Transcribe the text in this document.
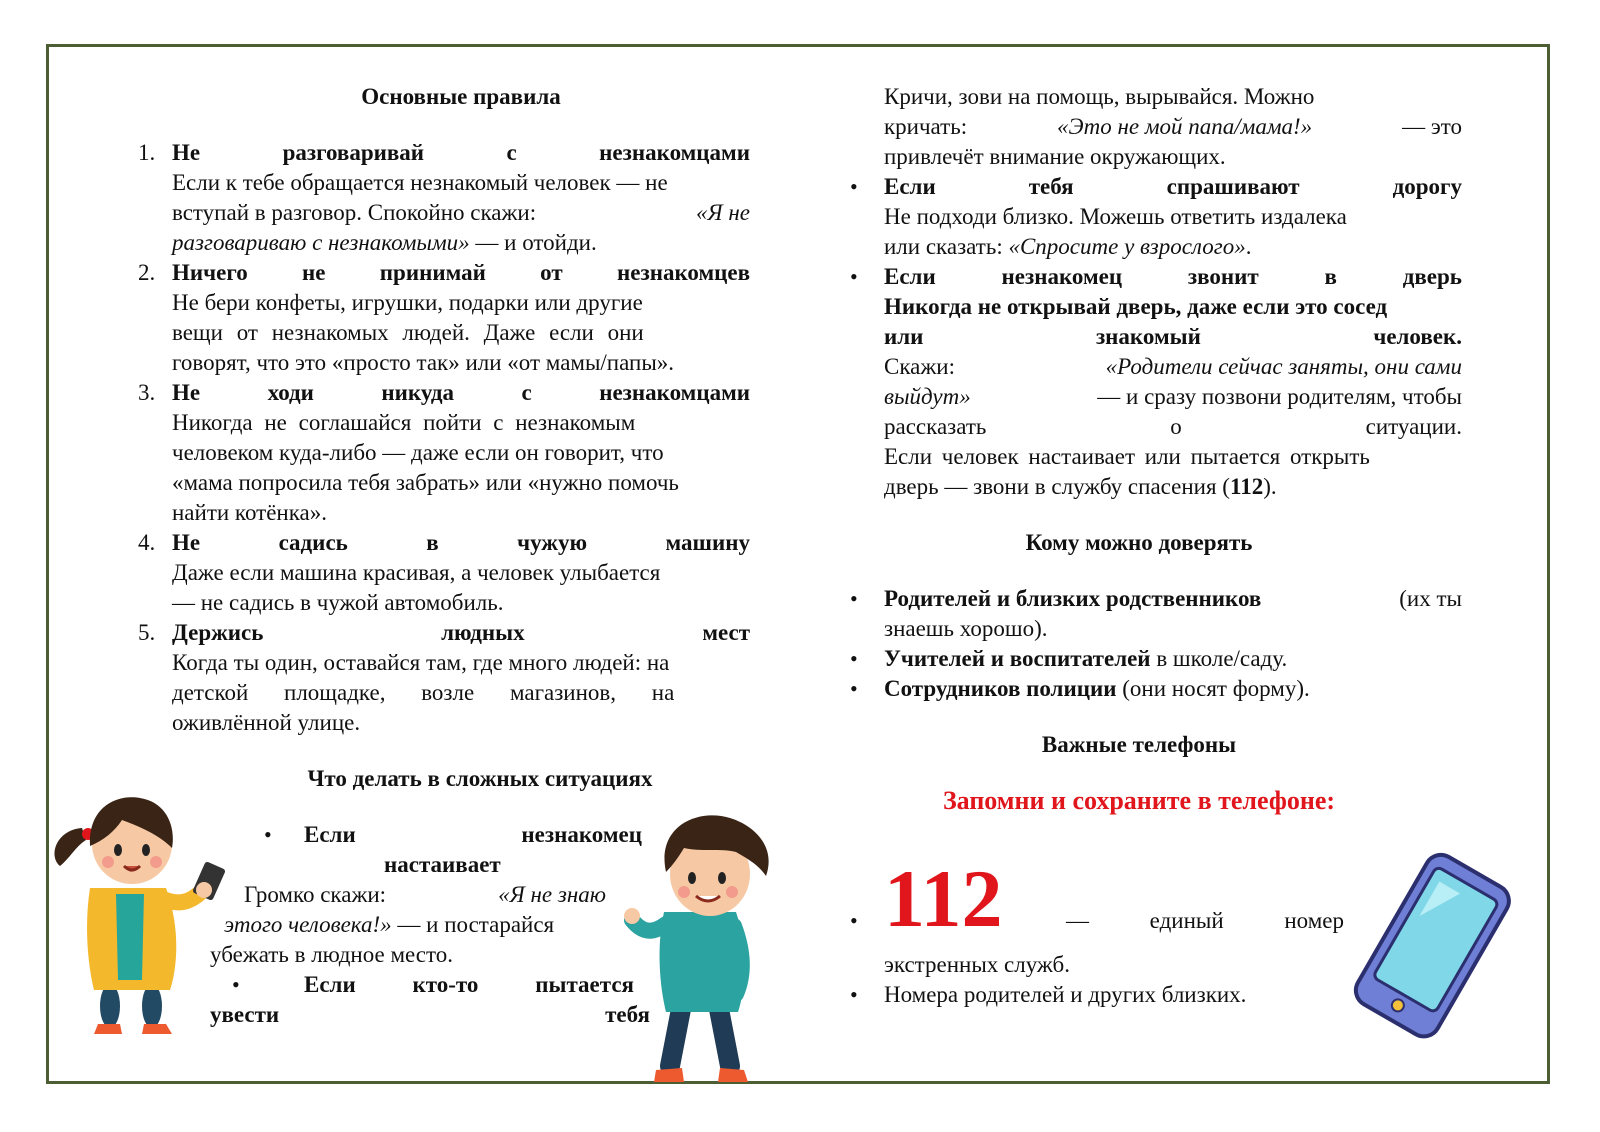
Основные правила
1. Не	разговаривай	с	незнакомцами
Если к тебе обращается незнакомый человек — не
вступай в разговор. Спокойно скажи:	«Я не
разговариваю с незнакомыми» — и отойди.
2. Ничего не принимай от незнакомцев
Не бери конфеты, игрушки, подарки или другие
вещи от незнакомых людей. Даже если они
говорят, что это «просто так» или «от мамы/папы».
3. Не	ходи	никуда	с	незнакомцами
Никогда не соглашайся пойти с незнакомым
человеком куда-либо — даже если он говорит, что
«мама попросила тебя забрать» или «нужно помочь
найти котёнка».
4. Не	садись	в	чужую	машину
Даже если машина красивая, а человек улыбается
— не садись в чужой автомобиль.
5. Держись	людных	мест
Когда ты один, оставайся там, где много людей: на
детской площадке, возле магазинов, на
оживлённой улице.
Что делать в сложных ситуациях
• Если	незнакомец
настаивает
Громко скажи:	«Я не знаю
этого человека!» — и постарайся
убежать в людное место.
•	Если кто-то пытается
увести	тебя
Кричи, зови на помощь, вырывайся. Можно
кричать:	«Это не мой папа/мама!»	— это
привлечёт внимание окружающих.
• Если	тебя	спрашивают	дорогу
Не подходи близко. Можешь ответить издалека
или сказать: «Спросите у взрослого».
• Если	незнакомец	звонит	в	дверь
Никогда не открывай дверь, даже если это сосед
или	знакомый	человек.
Скажи:	«Родители сейчас заняты, они сами
выйдут»	— и сразу позвони родителям, чтобы
рассказать	о	ситуации.
Если человек настаивает или пытается открыть
дверь — звони в службу спасения (112).
Кому можно доверять
• Родителей и близких родственников	(их ты
знаешь хорошо).
• Учителей и воспитателей в школе/саду.
• Сотрудников полиции (они носят форму).
Важные телефоны
Запомни и сохраните в телефоне:
• 112	—	единый	номер
экстренных служб.
• Номера родителей и других близких.
